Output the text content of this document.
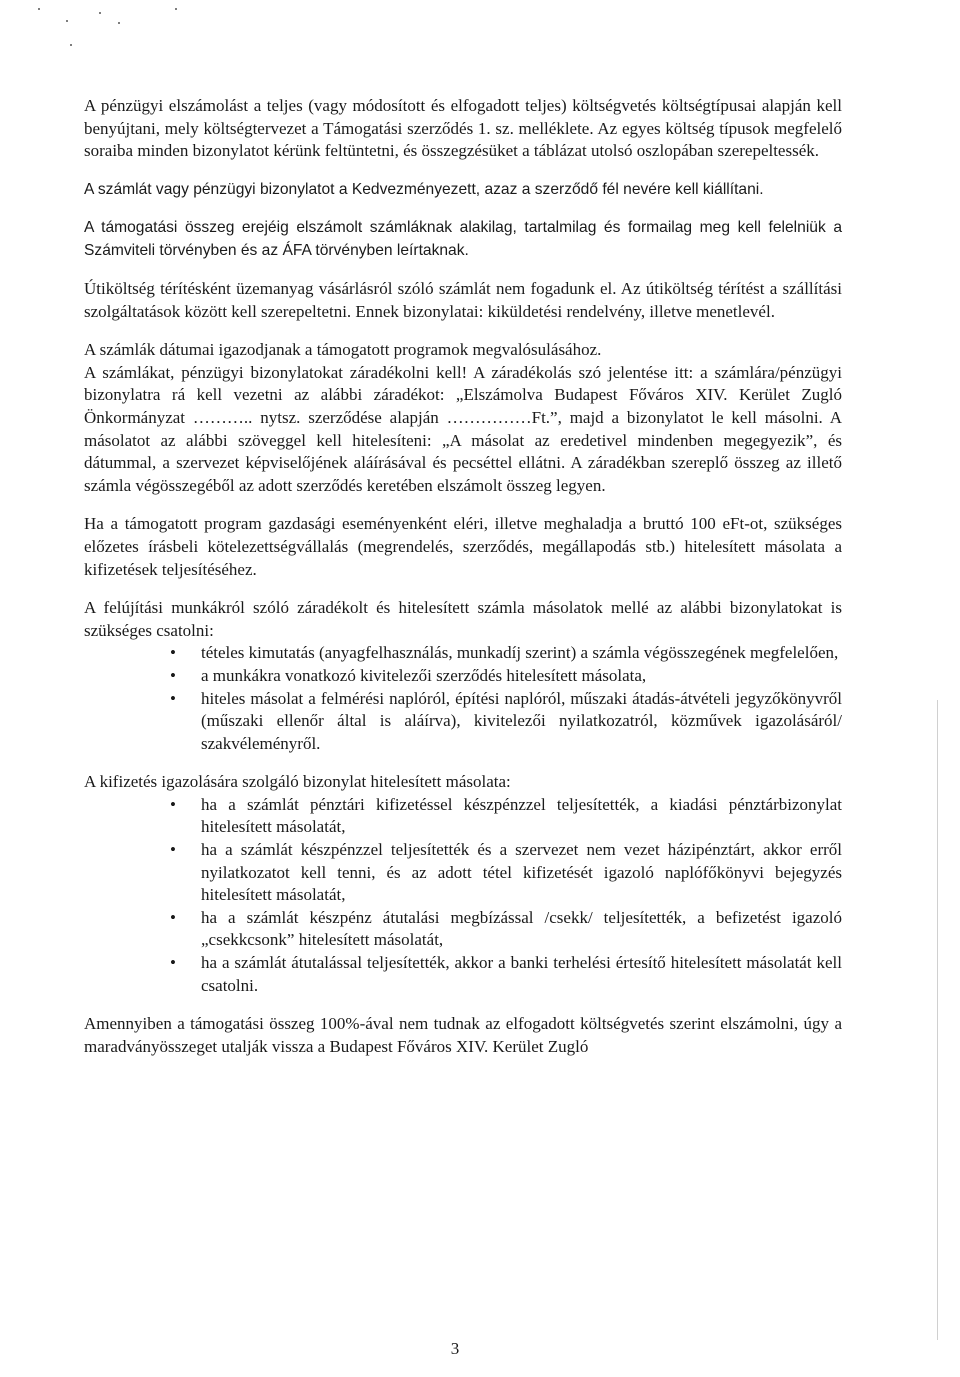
A pénzügyi elszámolást a teljes (vagy módosított és elfogadott teljes) költségvetés költségtípusai alapján kell benyújtani, mely költségtervezet a Támogatási szerződés 1. sz. melléklete. Az egyes költség típusok megfelelő soraiba minden bizonylatot kérünk feltüntetni, és összegzésüket a táblázat utolsó oszlopában szerepeltessék.

A számlát vagy pénzügyi bizonylatot a Kedvezményezett, azaz a szerződő fél nevére kell kiállítani.

A támogatási összeg erejéig elszámolt számláknak alakilag, tartalmilag és formailag meg kell felelniük a Számviteli törvényben és az ÁFA törvényben leírtaknak.

Útiköltség térítésként üzemanyag vásárlásról szóló számlát nem fogadunk el. Az útiköltség térítést a szállítási szolgáltatások között kell szerepeltetni. Ennek bizonylatai: kiküldetési rendelvény, illetve menetlevél.

A számlák dátumai igazodjanak a támogatott programok megvalósulásához.

A számlákat, pénzügyi bizonylatokat záradékolni kell! A záradékolás szó jelentése itt: a számlára/pénzügyi bizonylatra rá kell vezetni az alábbi záradékot: „Elszámolva Budapest Főváros XIV. Kerület Zugló Önkormányzat ……….. nytsz. szerződése alapján ……………Ft.”, majd a bizonylatot le kell másolni. A másolatot az alábbi szöveggel kell hitelesíteni: „A másolat az eredetivel mindenben megegyezik”, és dátummal, a szervezet képviselőjének aláírásával és pecséttel ellátni. A záradékban szereplő összeg az illető számla végösszegéből az adott szerződés keretében elszámolt összeg legyen.

Ha a támogatott program gazdasági eseményenként eléri, illetve meghaladja a bruttó 100 eFt-ot, szükséges előzetes írásbeli kötelezettségvállalás (megrendelés, szerződés, megállapodás stb.) hitelesített másolata a kifizetések teljesítéséhez.

A felújítási munkákról szóló záradékolt és hitelesített számla másolatok mellé az alábbi bizonylatokat is szükséges csatolni:

• tételes kimutatás (anyagfelhasználás, munkadíj szerint) a számla végösszegének megfelelően,
• a munkákra vonatkozó kivitelezői szerződés hitelesített másolata,
• hiteles másolat a felmérési naplóról, építési naplóról, műszaki átadás-átvételi jegyzőkönyvről (műszaki ellenőr által is aláírva), kivitelezői nyilatkozatról, közművek igazolásáról/ szakvéleményről.

A kifizetés igazolására szolgáló bizonylat hitelesített másolata:

• ha a számlát pénztári kifizetéssel készpénzzel teljesítették, a kiadási pénztárbizonylat hitelesített másolatát,
• ha a számlát készpénzzel teljesítették és a szervezet nem vezet házipénztárt, akkor erről nyilatkozatot kell tenni, és az adott tétel kifizetését igazoló naplófőkönyvi bejegyzés hitelesített másolatát,
• ha a számlát készpénz átutalási megbízással /csekk/ teljesítették, a befizetést igazoló „csekkcsonk” hitelesített másolatát,
• ha a számlát átutalással teljesítették, akkor a banki terhelési értesítő hitelesített másolatát kell csatolni.

Amennyiben a támogatási összeg 100%-ával nem tudnak az elfogadott költségvetés szerint elszámolni, úgy a maradványösszeget utalják vissza a Budapest Főváros XIV. Kerület Zugló

3
